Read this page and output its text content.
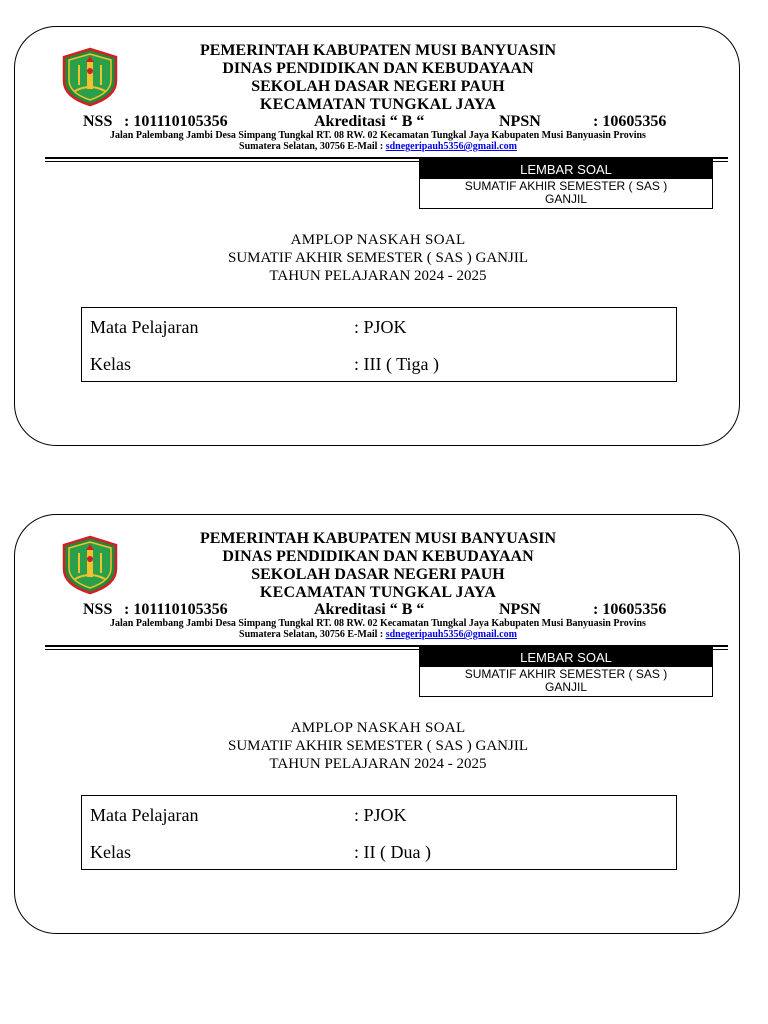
PEMERINTAH KABUPATEN MUSI BANYUASIN
DINAS PENDIDIKAN DAN KEBUDAYAAN
SEKOLAH DASAR NEGERI PAUH
KECAMATAN TUNGKAL JAYA
NSS : 101110105356	Akreditasi “ B “	NPSN	: 10605356
Jalan Palembang Jambi Desa Simpang Tungkal RT. 08 RW. 02 Kecamatan Tungkal Jaya Kabupaten Musi Banyuasin Provins
Sumatera Selatan, 30756 E-Mail : sdnegeripauh5356@gmail.com
LEMBAR SOAL
SUMATIF AKHIR SEMESTER ( SAS )
GANJIL
AMPLOP NASKAH SOAL
SUMATIF AKHIR SEMESTER ( SAS ) GANJIL
TAHUN PELAJARAN 2024 - 2025
Mata Pelajaran	: PJOK
Kelas	: III ( Tiga )
PEMERINTAH KABUPATEN MUSI BANYUASIN
DINAS PENDIDIKAN DAN KEBUDAYAAN
SEKOLAH DASAR NEGERI PAUH
KECAMATAN TUNGKAL JAYA
NSS : 101110105356	Akreditasi “ B “	NPSN	: 10605356
Jalan Palembang Jambi Desa Simpang Tungkal RT. 08 RW. 02 Kecamatan Tungkal Jaya Kabupaten Musi Banyuasin Provins
Sumatera Selatan, 30756 E-Mail : sdnegeripauh5356@gmail.com
LEMBAR SOAL
SUMATIF AKHIR SEMESTER ( SAS )
GANJIL
AMPLOP NASKAH SOAL
SUMATIF AKHIR SEMESTER ( SAS ) GANJIL
TAHUN PELAJARAN 2024 - 2025
Mata Pelajaran	: PJOK
Kelas	: II ( Dua )
